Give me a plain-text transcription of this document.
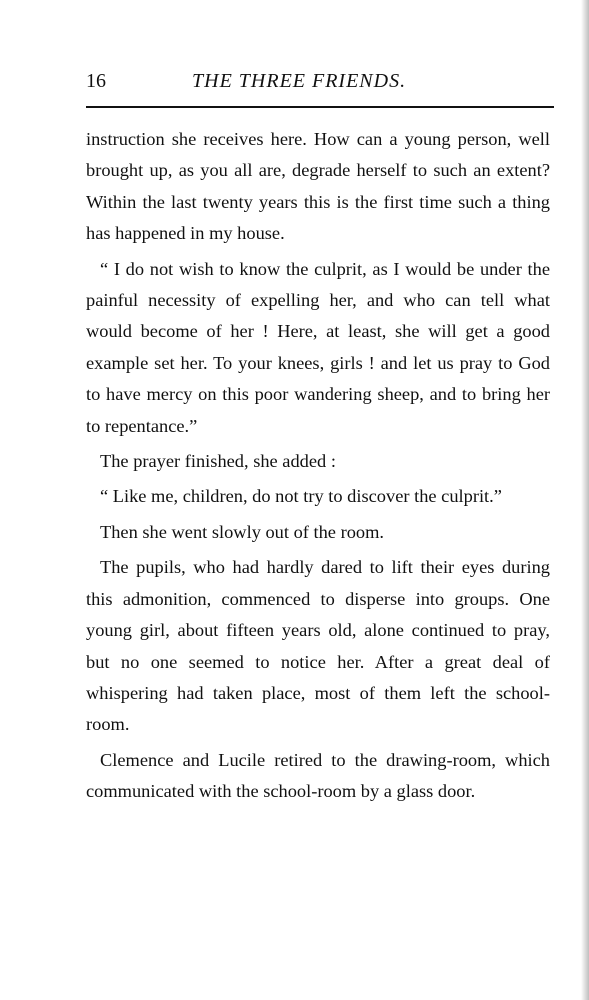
16	THE THREE FRIENDS.

instruction she receives here. How can a young person, well brought up, as you all are, degrade herself to such an extent? Within the last twenty years this is the first time such a thing has happened in my house.

“ I do not wish to know the culprit, as I would be under the painful necessity of expelling her, and who can tell what would become of her ! Here, at least, she will get a good example set her. To your knees, girls ! and let us pray to God to have mercy on this poor wandering sheep, and to bring her to repentance.”

The prayer finished, she added :

“ Like me, children, do not try to discover the culprit.”

Then she went slowly out of the room.

The pupils, who had hardly dared to lift their eyes during this admonition, commenced to disperse into groups. One young girl, about fifteen years old, alone continued to pray, but no one seemed to notice her. After a great deal of whispering had taken place, most of them left the school-room.

Clemence and Lucile retired to the drawing-room, which communicated with the school-room by a glass door.
